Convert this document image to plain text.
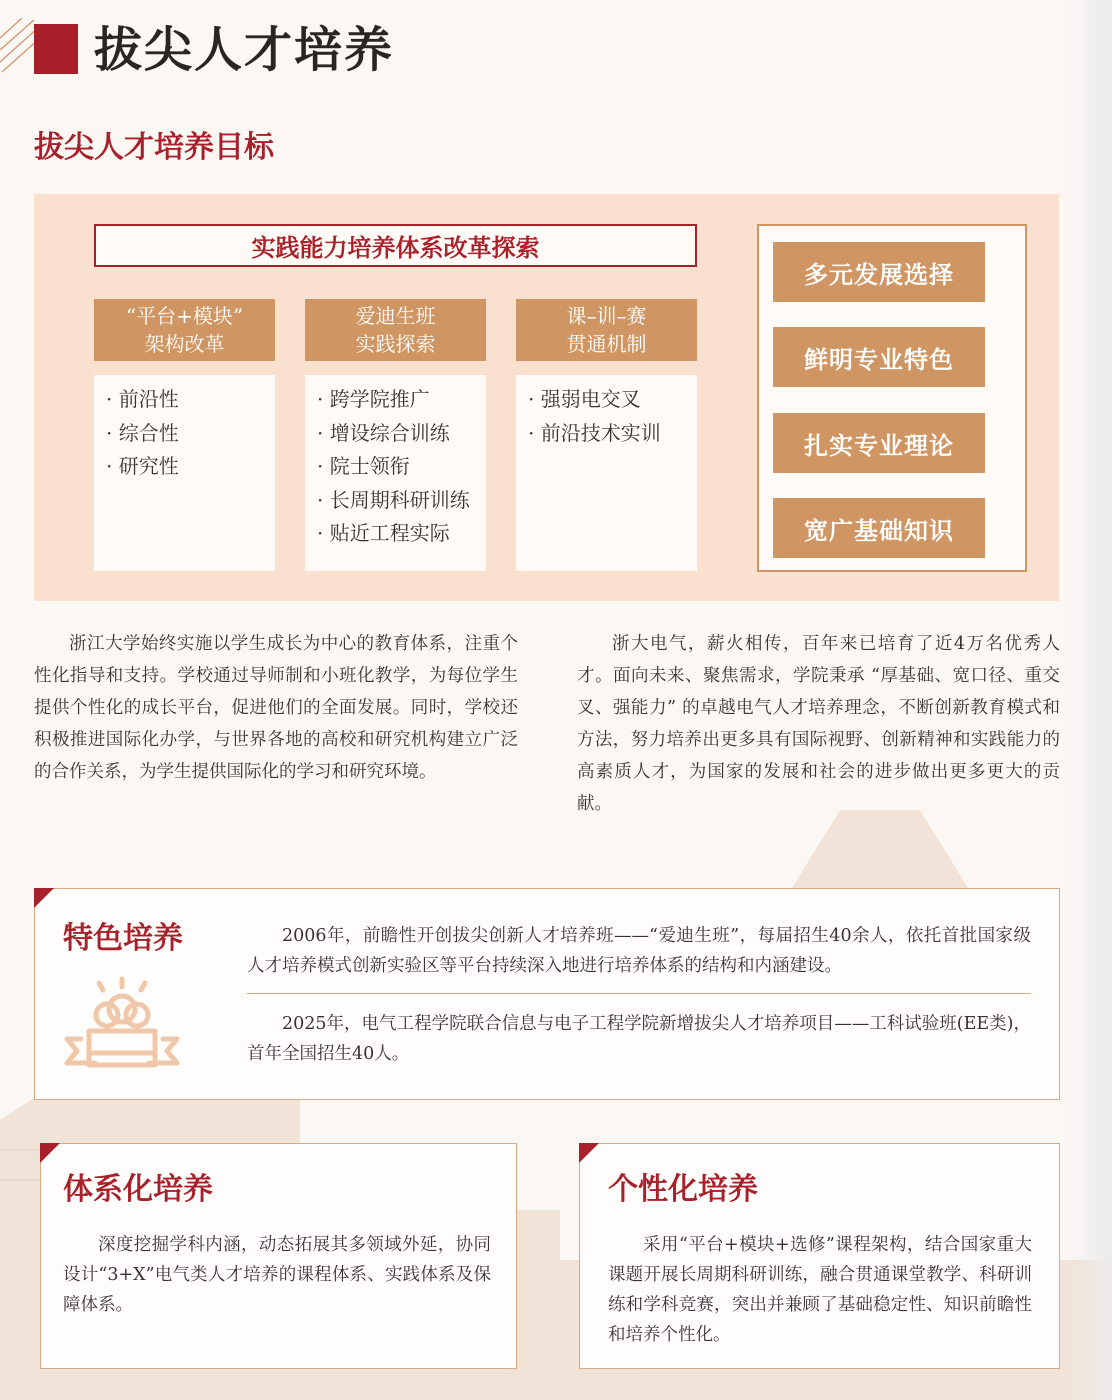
拔尖人才培养
拔尖人才培养目标
实践能力培养体系改革探索
“平台+模块”
架构改革
· 前沿性
· 综合性
· 研究性
爱迪生班
实践探索
· 跨学院推广
· 增设综合训练
· 院士领衔
· 长周期科研训练
· 贴近工程实际
课–训–赛
贯通机制
· 强弱电交叉
· 前沿技术实训
多元发展选择
鲜明专业特色
扎实专业理论
宽广基础知识

浙江大学始终实施以学生成长为中心的教育体系，注重个性化指导和支持。学校通过导师制和小班化教学，为每位学生提供个性化的成长平台，促进他们的全面发展。同时，学校还积极推进国际化办学，与世界各地的高校和研究机构建立广泛的合作关系，为学生提供国际化的学习和研究环境。

浙大电气，薪火相传，百年来已培育了近4万名优秀人才。面向未来、聚焦需求，学院秉承 “厚基础、宽口径、重交叉、强能力” 的卓越电气人才培养理念，不断创新教育模式和方法，努力培养出更多具有国际视野、创新精神和实践能力的高素质人才，为国家的发展和社会的进步做出更多更大的贡献。

特色培养	2006年，前瞻性开创拔尖创新人才培养班——“爱迪生班”，每届招生40余人，依托首批国家级人才培养模式创新实验区等平台持续深入地进行培养体系的结构和内涵建设。

2025年，电气工程学院联合信息与电子工程学院新增拔尖人才培养项目——工科试验班(EE类)，首年全国招生40人。

体系化培养

深度挖掘学科内涵，动态拓展其多领域外延，协同设计“3+X”电气类人才培养的课程体系、实践体系及保障体系。

个性化培养

采用“平台+模块+选修”课程架构，结合国家重大课题开展长周期科研训练，融合贯通课堂教学、科研训练和学科竞赛，突出并兼顾了基础稳定性、知识前瞻性和培养个性化。
